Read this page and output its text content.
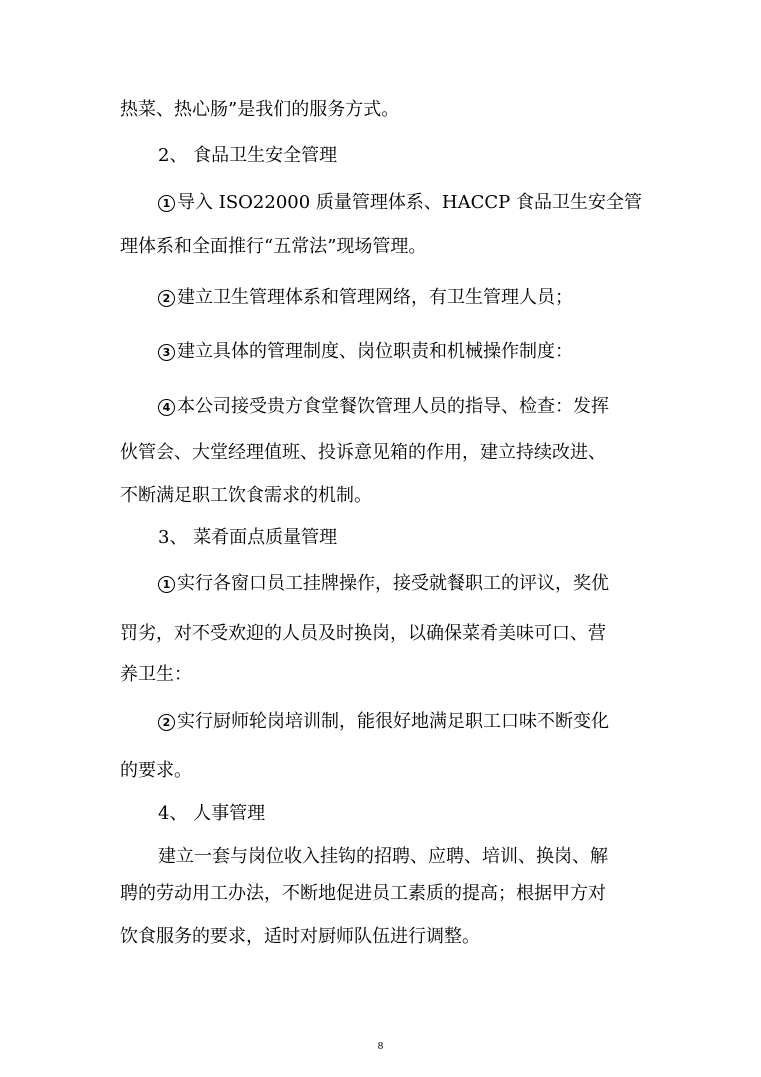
热菜、热心肠”是我们的服务方式。
2、 食品卫生安全管理
1 导入 ISO22000 质量管理体系、HACCP 食品卫生安全管
理体系和全面推行“五常法”现场管理。
2 建立卫生管理体系和管理网络，有卫生管理人员；
3 建立具体的管理制度、岗位职责和机械操作制度：
4 本公司接受贵方食堂餐饮管理人员的指导、检查：发挥
伙管会、大堂经理值班、投诉意见箱的作用，建立持续改进、
不断满足职工饮食需求的机制。
3、 菜肴面点质量管理
1 实行各窗口员工挂牌操作，接受就餐职工的评议，奖优
罚劣，对不受欢迎的人员及时换岗，以确保菜肴美味可口、营
养卫生：
2 实行厨师轮岗培训制，能很好地满足职工口味不断变化
的要求。
4、 人事管理
建立一套与岗位收入挂钩的招聘、应聘、培训、换岗、解
聘的劳动用工办法，不断地促进员工素质的提高；根据甲方对
饮食服务的要求，适时对厨师队伍进行调整。
8
